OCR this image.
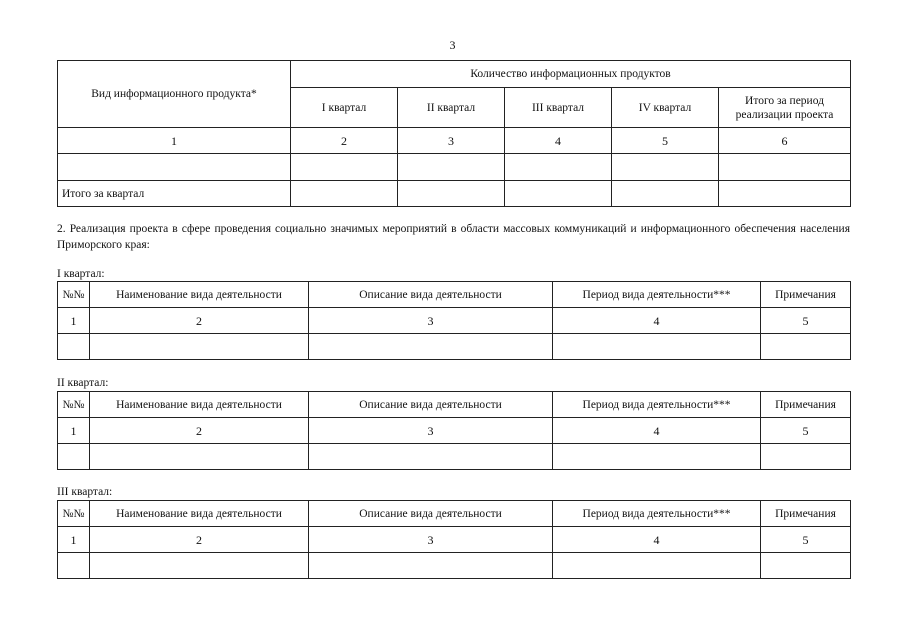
3
Вид информационного продукта*	Количество информационных продуктов				
	I квартал	II квартал	III квартал	IV квартал	Итого за период
реализации проекта
1	2	3	4	5	6

Итого за квартал					
2. Реализация проекта в сфере проведения социально значимых мероприятий в области массовых коммуникаций и информационного обеспечения населения Приморского края:
I квартал:
№№	Наименование вида деятельности	Описание вида деятельности	Период вида деятельности***	Примечания
1	2	3	4	5

II квартал:
№№	Наименование вида деятельности	Описание вида деятельности	Период вида деятельности***	Примечания
1	2	3	4	5

III квартал:
№№	Наименование вида деятельности	Описание вида деятельности	Период вида деятельности***	Примечания
1	2	3	4	5
